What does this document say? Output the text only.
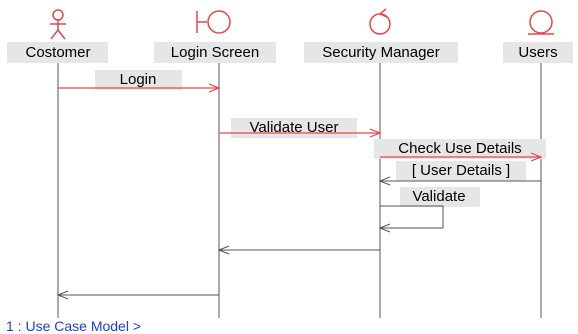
Costomer	Login Screen	Security Manager	Users
Login
Validate User
Check Use Details
[ User Details ]
Validate
1 : Use Case Model >
